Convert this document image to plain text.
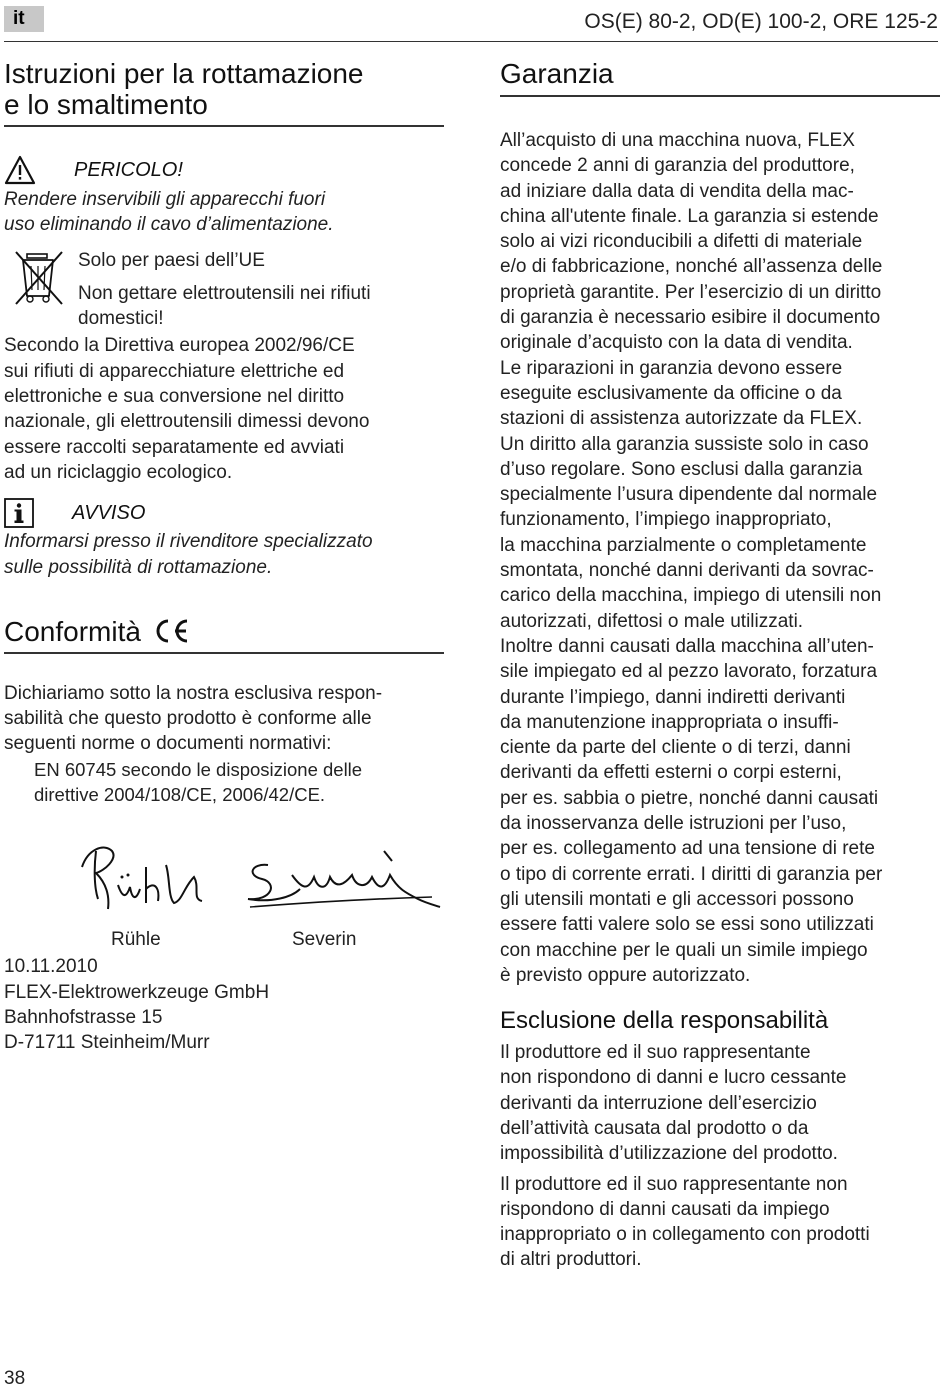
it	OS(E) 80-2, OD(E) 100-2, ORE 125-2
Istruzioni per la rottamazione
e lo smaltimento
PERICOLO!
Rendere inservibili gli apparecchi fuori
uso eliminando il cavo d’alimentazione.
Solo per paesi dell’UE
Non gettare elettroutensili nei rifiuti
domestici!
Secondo la Direttiva europea 2002/96/CE
sui rifiuti di apparecchiature elettriche ed
elettroniche e sua conversione nel diritto
nazionale, gli elettroutensili dimessi devono
essere raccolti separatamente ed avviati
ad un riciclaggio ecologico.
AVVISO
Informarsi presso il rivenditore specializzato
sulle possibilità di rottamazione.
Conformità
Dichiariamo sotto la nostra esclusiva respon-
sabilità che questo prodotto è conforme alle
seguenti norme o documenti normativi:
EN 60745 secondo le disposizione delle
direttive 2004/108/CE, 2006/42/CE.
Rühle	Severin
10.11.2010
FLEX-Elektrowerkzeuge GmbH
Bahnhofstrasse 15
D-71711 Steinheim/Murr
Garanzia
All’acquisto di una macchina nuova, FLEX
concede 2 anni di garanzia del produttore,
ad iniziare dalla data di vendita della mac-
china all'utente finale. La garanzia si estende
solo ai vizi riconducibili a difetti di materiale
e/o di fabbricazione, nonché all’assenza delle
proprietà garantite. Per l’esercizio di un diritto
di garanzia è necessario esibire il documento
originale d’acquisto con la data di vendita.
Le riparazioni in garanzia devono essere
eseguite esclusivamente da officine o da
stazioni di assistenza autorizzate da FLEX.
Un diritto alla garanzia sussiste solo in caso
d’uso regolare. Sono esclusi dalla garanzia
specialmente l’usura dipendente dal normale
funzionamento, l’impiego inappropriato,
la macchina parzialmente o completamente
smontata, nonché danni derivanti da sovrac-
carico della macchina, impiego di utensili non
autorizzati, difettosi o male utilizzati.
Inoltre danni causati dalla macchina all’uten-
sile impiegato ed al pezzo lavorato, forzatura
durante l’impiego, danni indiretti derivanti
da manutenzione inappropriata o insuffi-
ciente da parte del cliente o di terzi, danni
derivanti da effetti esterni o corpi esterni,
per es. sabbia o pietre, nonché danni causati
da inosservanza delle istruzioni per l’uso,
per es. collegamento ad una tensione di rete
o tipo di corrente errati. I diritti di garanzia per
gli utensili montati e gli accessori possono
essere fatti valere solo se essi sono utilizzati
con macchine per le quali un simile impiego
è previsto oppure autorizzato.
Esclusione della responsabilità
Il produttore ed il suo rappresentante
non rispondono di danni e lucro cessante
derivanti da interruzione dell’esercizio
dell’attività causata dal prodotto o da
impossibilità d’utilizzazione del prodotto.
Il produttore ed il suo rappresentante non
rispondono di danni causati da impiego
inappropriato o in collegamento con prodotti
di altri produttori.
38
